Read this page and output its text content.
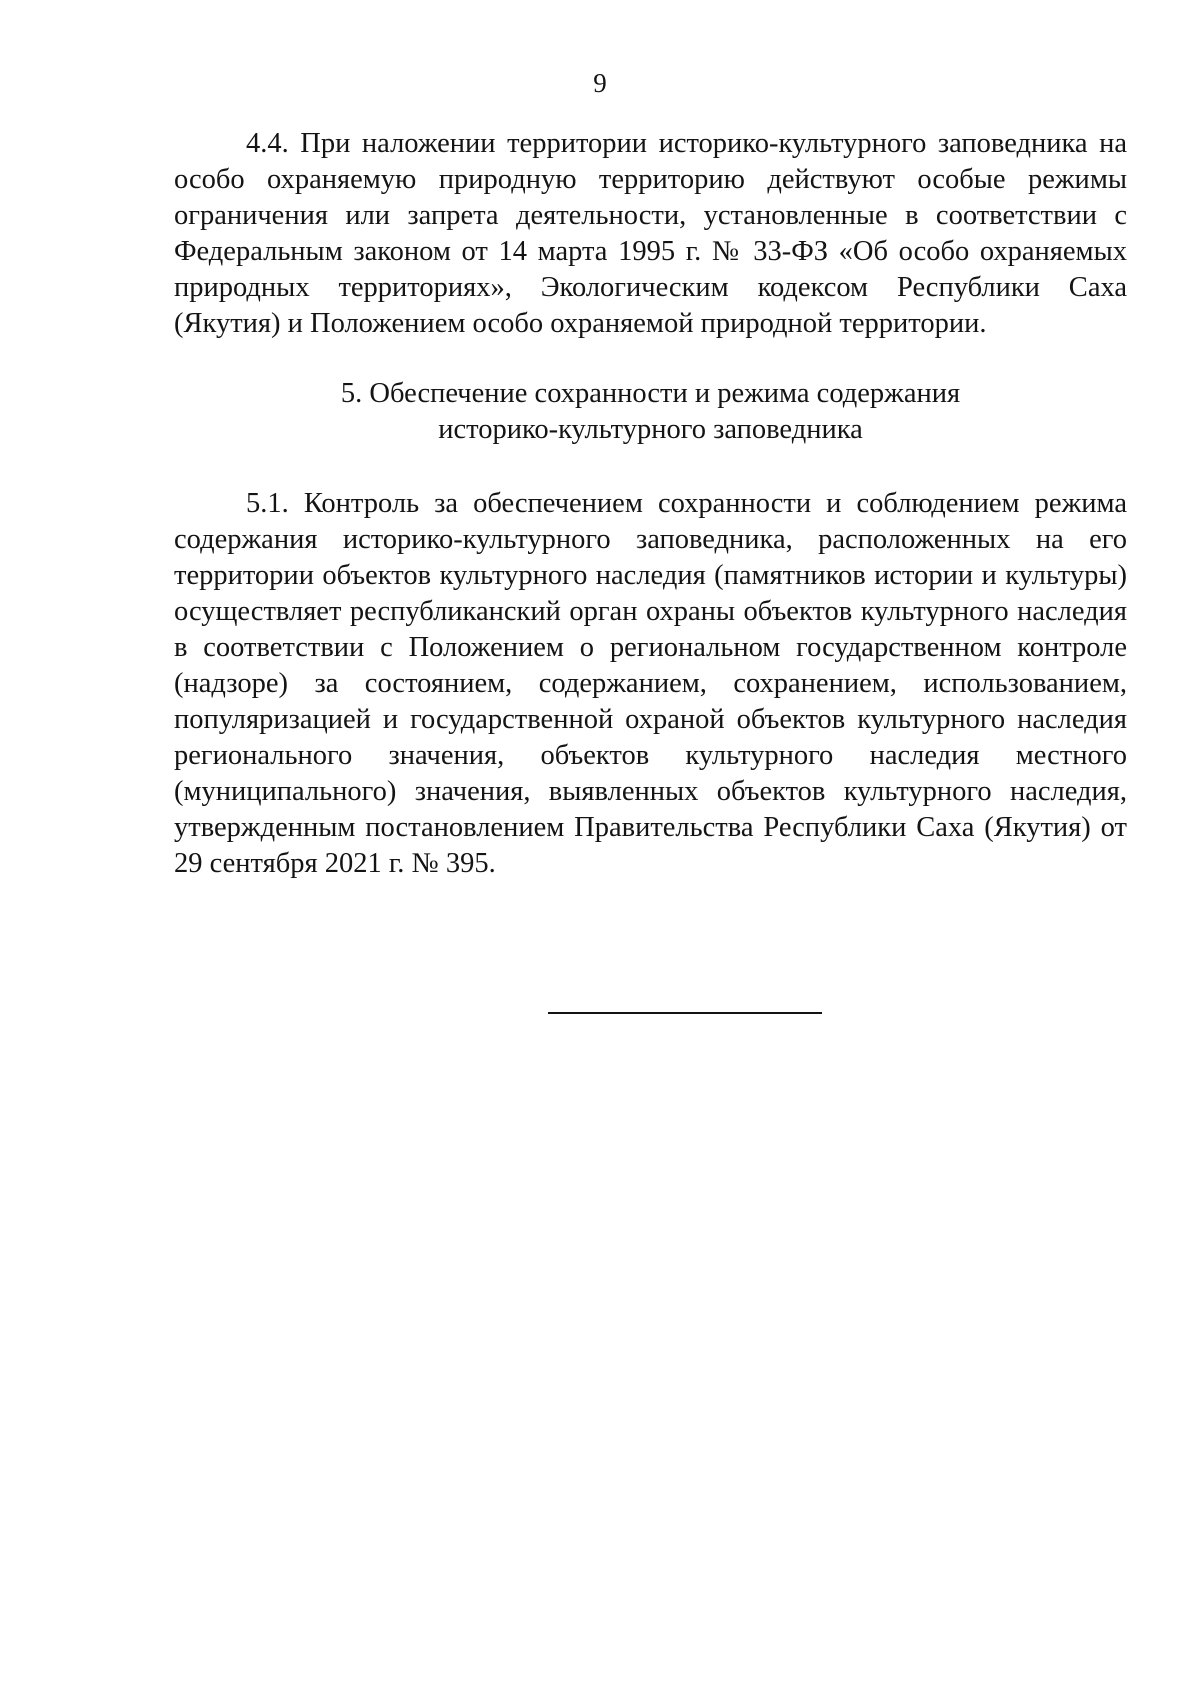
9

4.4. При наложении территории историко-культурного заповедника на особо охраняемую природную территорию действуют особые режимы ограничения или запрета деятельности, установленные в соответствии с Федеральным законом от 14 марта 1995 г. № 33-ФЗ «Об особо охраняемых природных территориях», Экологическим кодексом Республики Саха (Якутия) и Положением особо охраняемой природной территории.

5. Обеспечение сохранности и режима содержания
историко-культурного заповедника

5.1. Контроль за обеспечением сохранности и соблюдением режима содержания историко-культурного заповедника, расположенных на его территории объектов культурного наследия (памятников истории и культуры) осуществляет республиканский орган охраны объектов культурного наследия в соответствии с Положением о региональном государственном контроле (надзоре) за состоянием, содержанием, сохранением, использованием, популяризацией и государственной охраной объектов культурного наследия регионального значения, объектов культурного наследия местного (муниципального) значения, выявленных объектов культурного наследия, утвержденным постановлением Правительства Республики Саха (Якутия) от 29 сентября 2021 г. № 395.
